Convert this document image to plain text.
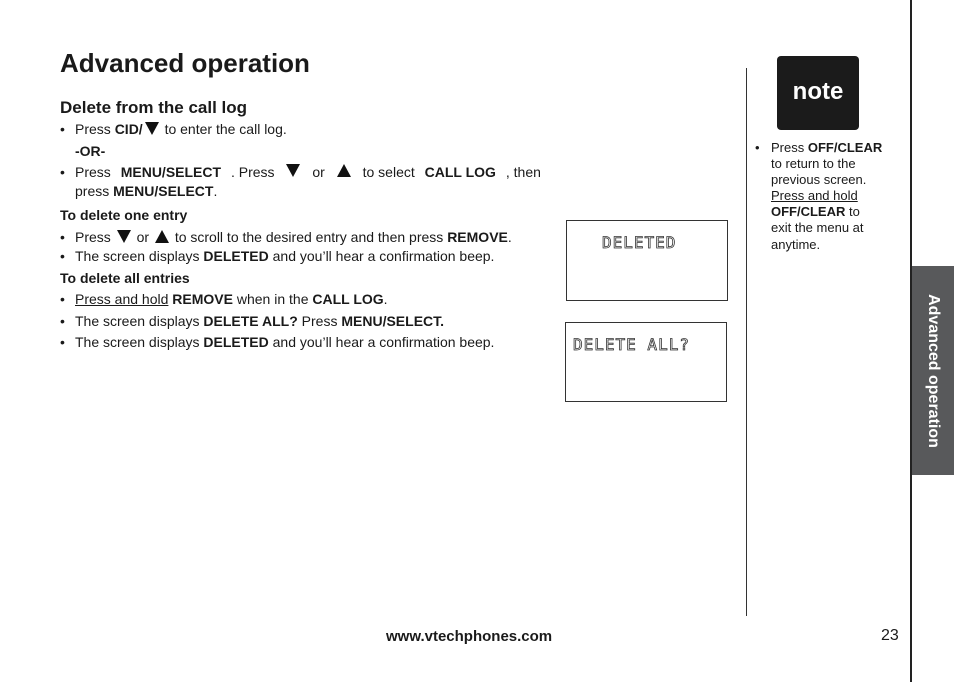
Advanced operation
Delete from the call log
• Press CID/ to enter the call log.
-OR-
• Press MENU/SELECT . Press	or	to select CALL LOG , then
press MENU/SELECT.
To delete one entry
• Press or to scroll to the desired entry and then press REMOVE.
• The screen displays DELETED and you’ll hear a confirmation beep.
To delete all entries
• Press and hold REMOVE when in the CALL LOG.
• The screen displays DELETE ALL? Press MENU/SELECT.
• The screen displays DELETED and you’ll hear a confirmation beep.
DELETED
DELETE ALL?
note
• Press OFF/CLEAR
to return to the
previous screen.
Press and hold
OFF/CLEAR to
exit the menu at
anytime.
Advanced operation
www.vtechphones.com	23
